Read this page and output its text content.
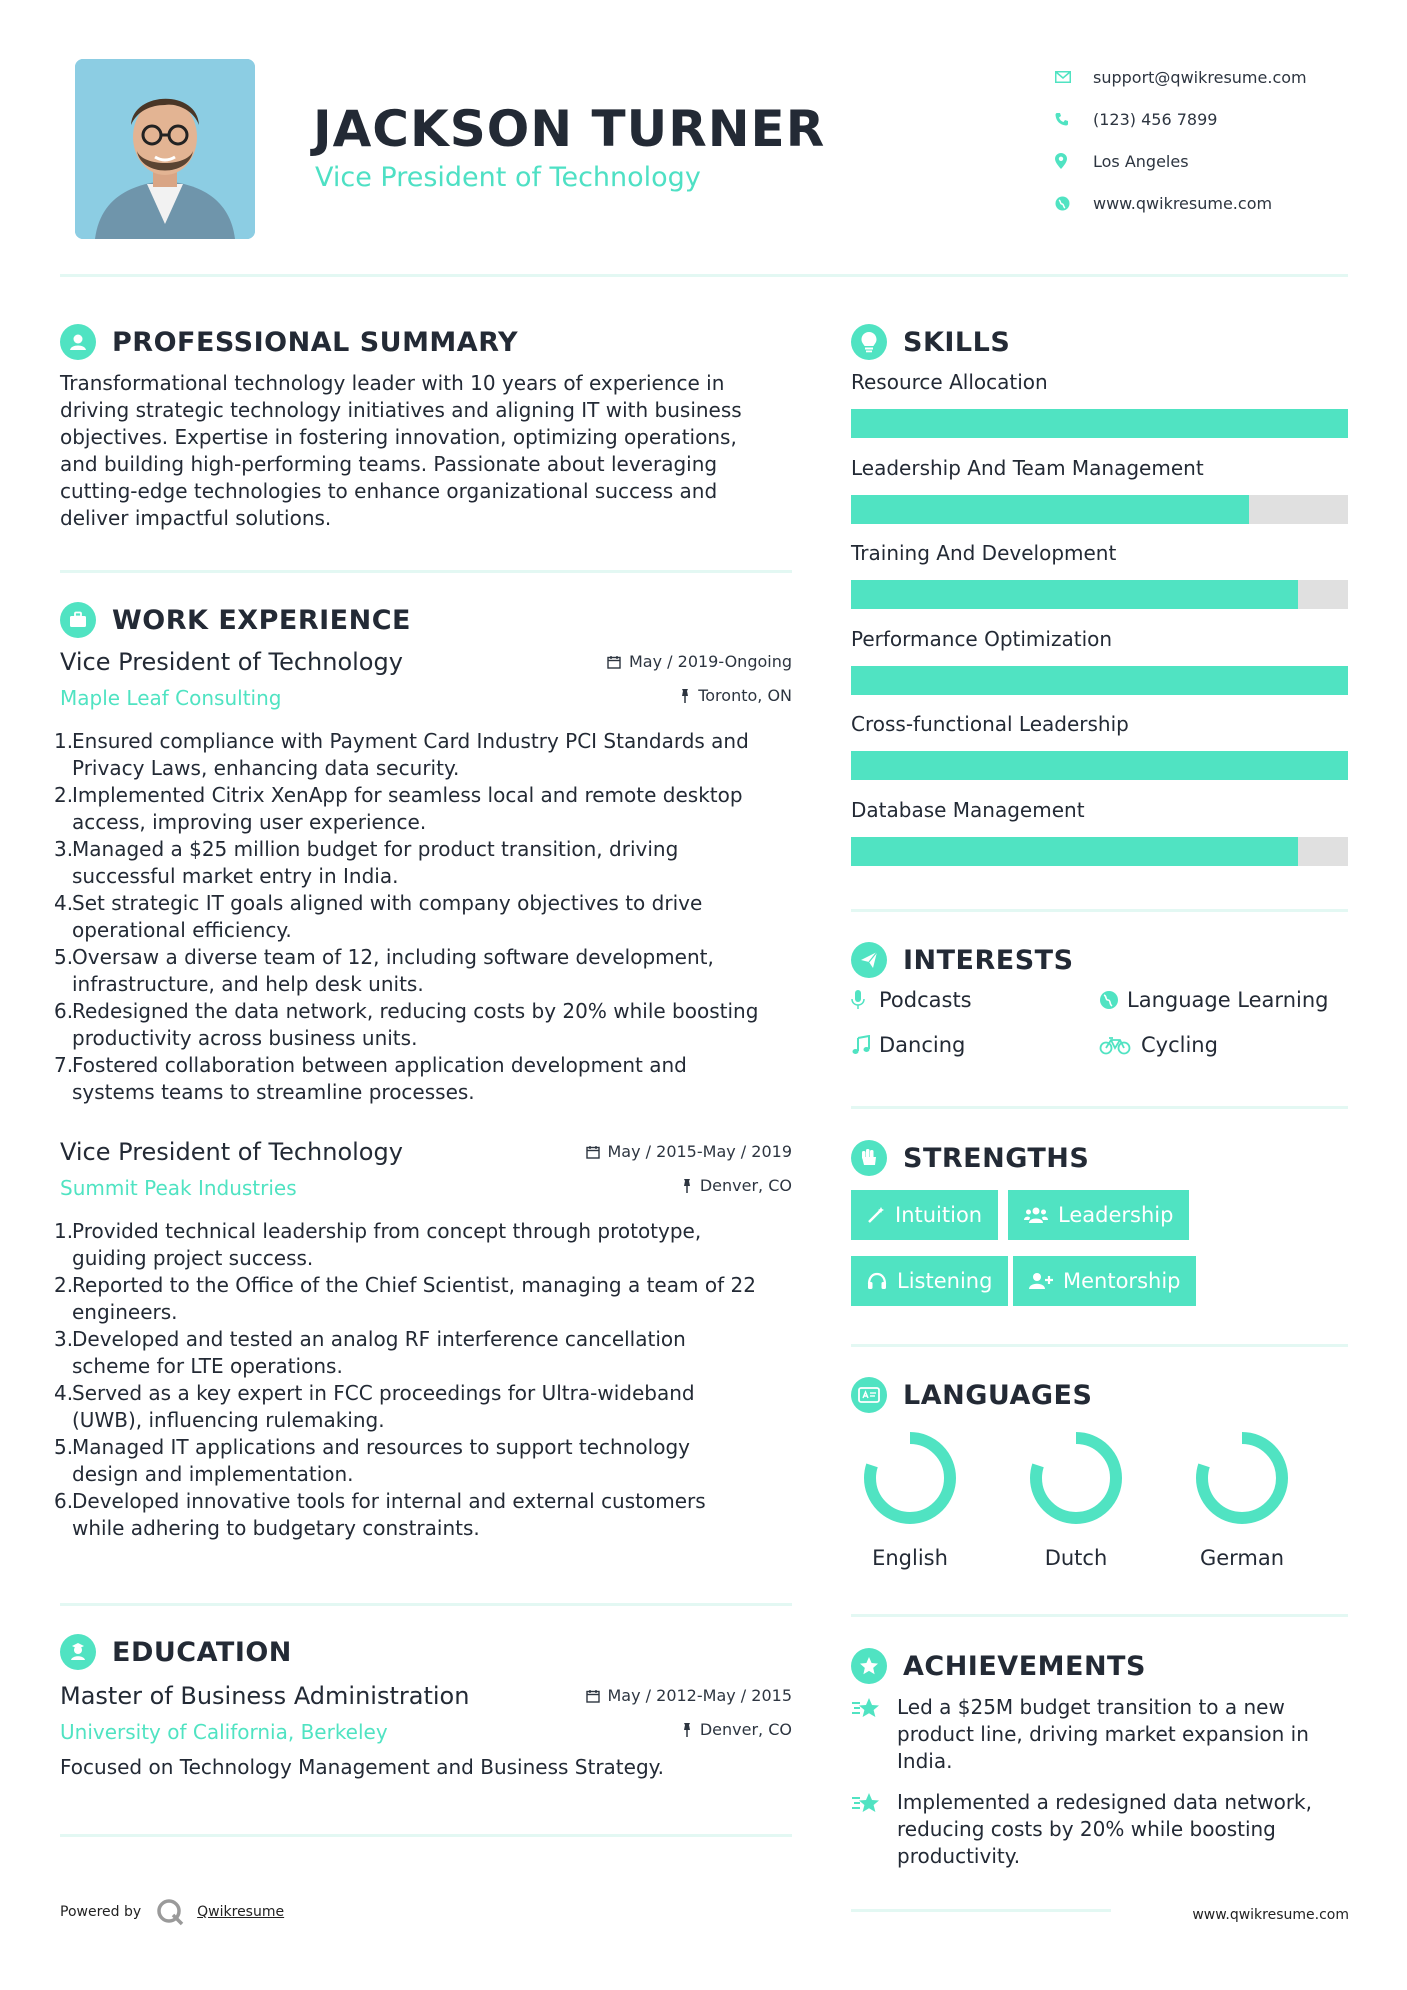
JACKSON TURNER
Vice President of Technology
support@qwikresume.com
(123) 456 7899
Los Angeles
www.qwikresume.com
PROFESSIONAL SUMMARY
Transformational technology leader with 10 years of experience in
driving strategic technology initiatives and aligning IT with business
objectives. Expertise in fostering innovation, optimizing operations,
and building high-performing teams. Passionate about leveraging
cutting-edge technologies to enhance organizational success and
deliver impactful solutions.
WORK EXPERIENCE
Vice President of Technology
Maple Leaf Consulting
May / 2019-Ongoing
Toronto, ON
1.
Ensured compliance with Payment Card Industry PCI Standards and
Privacy Laws, enhancing data security.
2.
Implemented Citrix XenApp for seamless local and remote desktop
access, improving user experience.
3.
Managed a $25 million budget for product transition, driving
successful market entry in India.
4.
Set strategic IT goals aligned with company objectives to drive
operational efficiency.
5.
Oversaw a diverse team of 12, including software development,
infrastructure, and help desk units.
6.
Redesigned the data network, reducing costs by 20% while boosting
productivity across business units.
7.
Fostered collaboration between application development and
systems teams to streamline processes.
Vice President of Technology
Summit Peak Industries
May / 2015-May / 2019
Denver, CO
1.
Provided technical leadership from concept through prototype,
guiding project success.
2.
Reported to the Office of the Chief Scientist, managing a team of 22
engineers.
3.
Developed and tested an analog RF interference cancellation
scheme for LTE operations.
4.
Served as a key expert in FCC proceedings for Ultra-wideband
(UWB), influencing rulemaking.
5.
Managed IT applications and resources to support technology
design and implementation.
6.
Developed innovative tools for internal and external customers
while adhering to budgetary constraints.
EDUCATION
Master of Business Administration
University of California, Berkeley
May / 2012-May / 2015
Denver, CO
Focused on Technology Management and Business Strategy.
SKILLS
Resource Allocation
Leadership And Team Management
Training And Development
Performance Optimization
Cross-functional Leadership
Database Management
INTERESTS
Podcasts	Language Learning
Dancing	Cycling
STRENGTHS
Intuition	Leadership
Listening	Mentorship
LANGUAGES
English	Dutch	German
ACHIEVEMENTS
Led a $25M budget transition to a new
product line, driving market expansion in
India.
Implemented a redesigned data network,
reducing costs by 20% while boosting
productivity.
Powered by	Qwikresume	www.qwikresume.com
